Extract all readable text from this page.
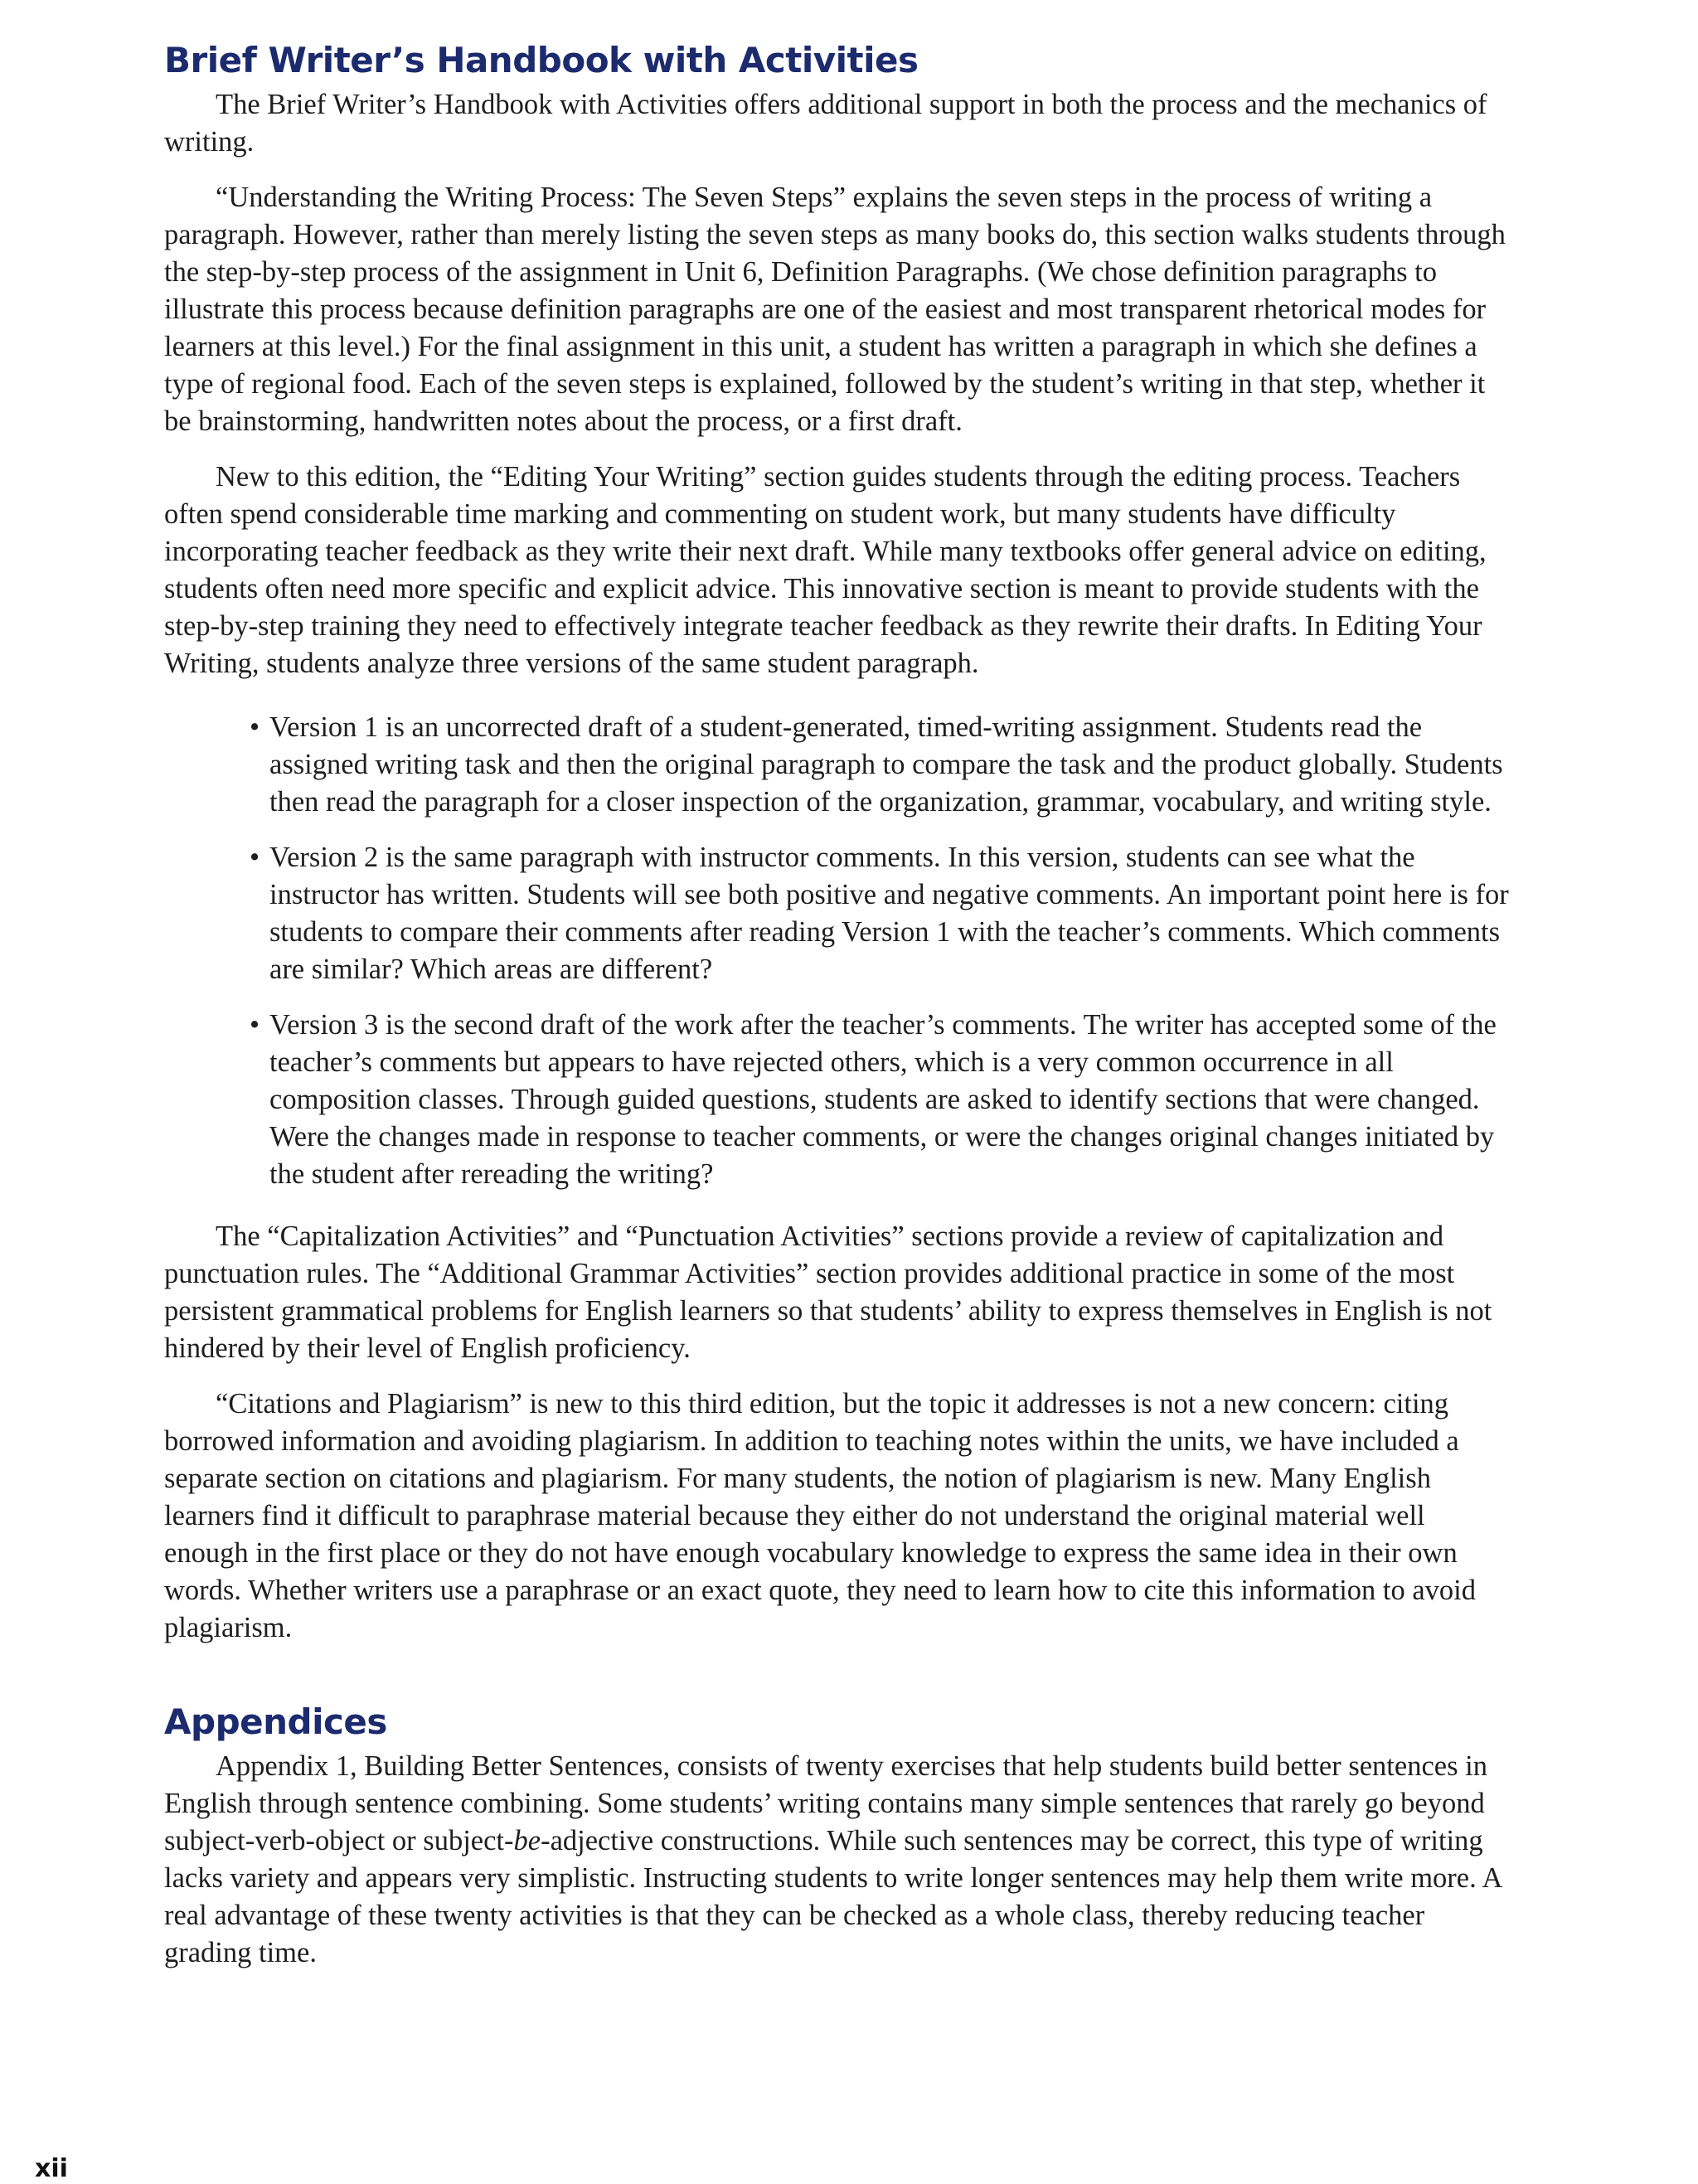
Brief Writer’s Handbook with Activities

The Brief Writer’s Handbook with Activities offers additional support in both the process and the mechanics of writing.

“Understanding the Writing Process: The Seven Steps” explains the seven steps in the process of writing a paragraph. However, rather than merely listing the seven steps as many books do, this section walks students through the step-by-step process of the assignment in Unit 6, Definition Paragraphs. (We chose definition paragraphs to illustrate this process because definition paragraphs are one of the easiest and most transparent rhetorical modes for learners at this level.) For the final assignment in this unit, a student has written a paragraph in which she defines a type of regional food. Each of the seven steps is explained, followed by the student’s writing in that step, whether it be brainstorming, handwritten notes about the process, or a first draft.

New to this edition, the “Editing Your Writing” section guides students through the editing process. Teachers often spend considerable time marking and commenting on student work, but many students have difficulty incorporating teacher feedback as they write their next draft. While many textbooks offer general advice on editing, students often need more specific and explicit advice. This innovative section is meant to provide students with the step-by-step training they need to effectively integrate teacher feedback as they rewrite their drafts. In Editing Your Writing, students analyze three versions of the same student paragraph.

• Version 1 is an uncorrected draft of a student-generated, timed-writing assignment. Students read the assigned writing task and then the original paragraph to compare the task and the product globally. Students then read the paragraph for a closer inspection of the organization, grammar, vocabulary, and writing style.
• Version 2 is the same paragraph with instructor comments. In this version, students can see what the instructor has written. Students will see both positive and negative comments. An important point here is for students to compare their comments after reading Version 1 with the teacher’s comments. Which comments are similar? Which areas are different?
• Version 3 is the second draft of the work after the teacher’s comments. The writer has accepted some of the teacher’s comments but appears to have rejected others, which is a very common occurrence in all composition classes. Through guided questions, students are asked to identify sections that were changed. Were the changes made in response to teacher comments, or were the changes original changes initiated by the student after rereading the writing?

The “Capitalization Activities” and “Punctuation Activities” sections provide a review of capitalization and punctuation rules. The “Additional Grammar Activities” section provides additional practice in some of the most persistent grammatical problems for English learners so that students’ ability to express themselves in English is not hindered by their level of English proficiency.

“Citations and Plagiarism” is new to this third edition, but the topic it addresses is not a new concern: citing borrowed information and avoiding plagiarism. In addition to teaching notes within the units, we have included a separate section on citations and plagiarism. For many students, the notion of plagiarism is new. Many English learners find it difficult to paraphrase material because they either do not understand the original material well enough in the first place or they do not have enough vocabulary knowledge to express the same idea in their own words. Whether writers use a paraphrase or an exact quote, they need to learn how to cite this information to avoid plagiarism.

Appendices

Appendix 1, Building Better Sentences, consists of twenty exercises that help students build better sentences in English through sentence combining. Some students’ writing contains many simple sentences that rarely go beyond subject-verb-object or subject-be-adjective constructions. While such sentences may be correct, this type of writing lacks variety and appears very simplistic. Instructing students to write longer sentences may help them write more. A real advantage of these twenty activities is that they can be checked as a whole class, thereby reducing teacher grading time.

xii
